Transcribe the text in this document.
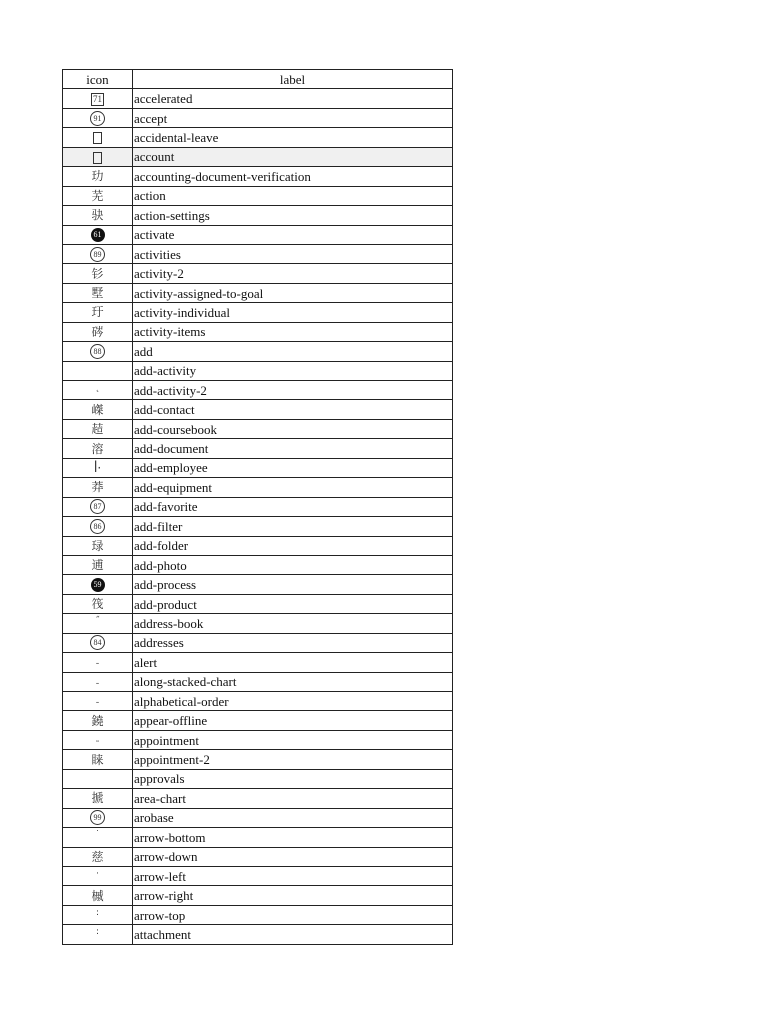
icon	label
71	accelerated
91	accept
	accidental-leave
	account
玏	accounting-document-verification
芜	action
𫘝	action-settings
61	activate
89	activities
钐	activity-2
墅	activity-assigned-to-goal
玗	activity-individual
硶	activity-items
88	add
	add-activity
˛	add-activity-2
嵥	add-contact
趌	add-coursebook
溶	add-document
ꟾ·	add-employee
莽	add-equipment
87	add-favorite
86	add-filter
琭	add-folder
逋	add-photo
59	add-process
筏	add-product
˝	address-book
84	addresses
$^ˍ$	alert
$^ˍ$	along-stacked-chart
$^ˍ$	alphabetical-order
鐃	appear-offline
˷	appointment
睐	appointment-2
	approvals
搋	area-chart
99	arobase
˙	arrow-bottom
慈	arrow-down
·	arrow-left
槭	arrow-right
:	arrow-top
:	attachment
